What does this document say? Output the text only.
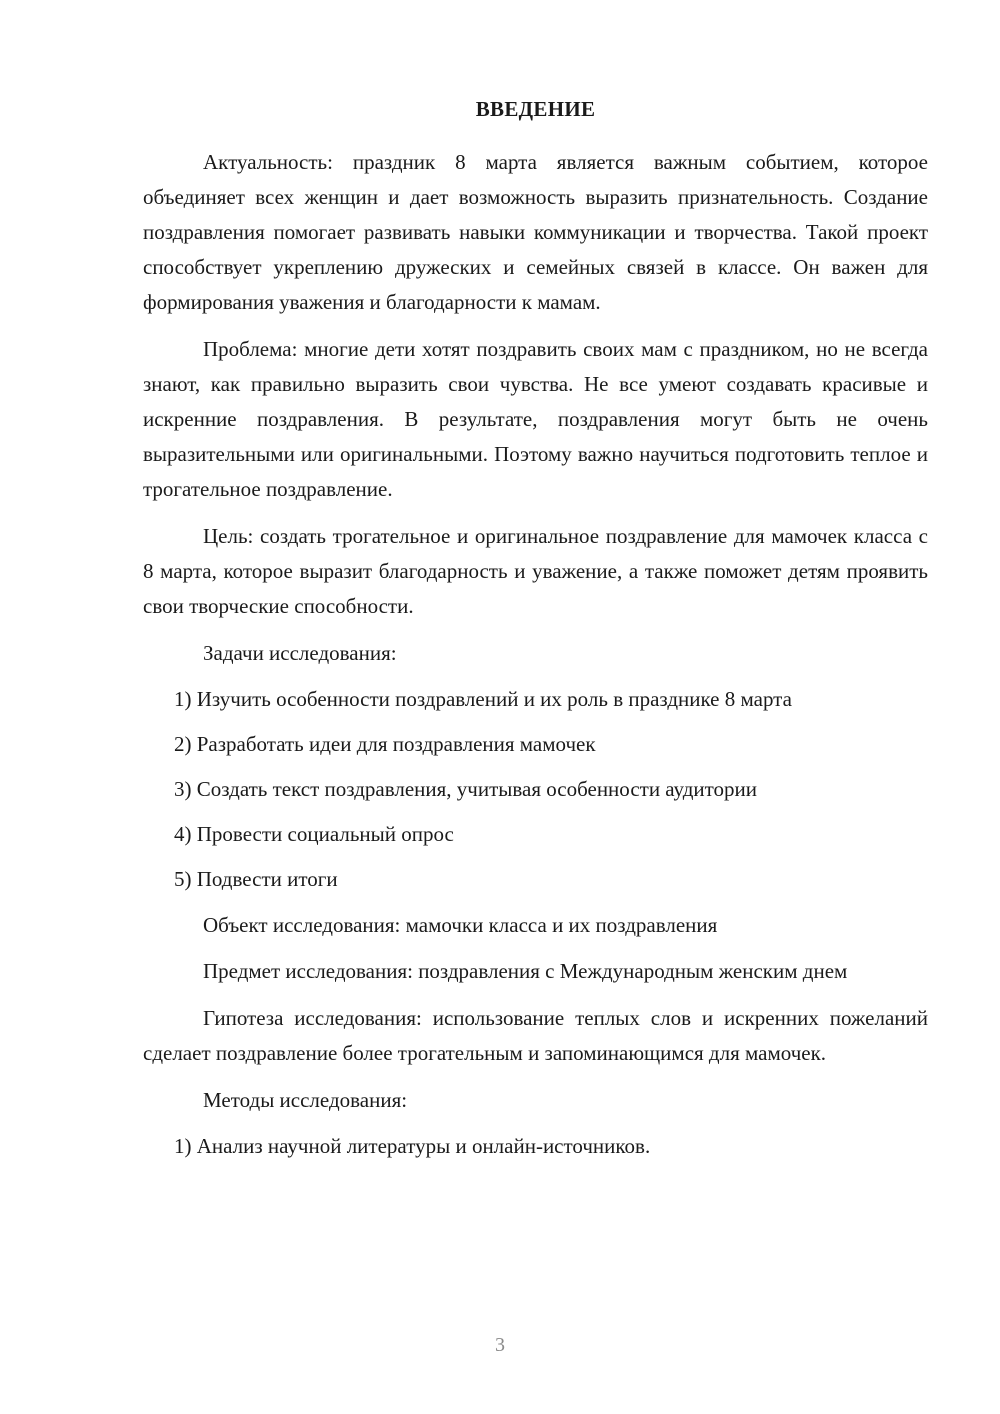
ВВЕДЕНИЕ

Актуальность: праздник 8 марта является важным событием, которое объединяет всех женщин и дает возможность выразить признательность. Создание поздравления помогает развивать навыки коммуникации и творчества. Такой проект способствует укреплению дружеских и семейных связей в классе. Он важен для формирования уважения и благодарности к мамам.

Проблема: многие дети хотят поздравить своих мам с праздником, но не всегда знают, как правильно выразить свои чувства. Не все умеют создавать красивые и искренние поздравления. В результате, поздравления могут быть не очень выразительными или оригинальными. Поэтому важно научиться подготовить теплое и трогательное поздравление.

Цель: создать трогательное и оригинальное поздравление для мамочек класса с 8 марта, которое выразит благодарность и уважение, а также поможет детям проявить свои творческие способности.

Задачи исследования:

1) Изучить особенности поздравлений и их роль в празднике 8 марта
2) Разработать идеи для поздравления мамочек
3) Создать текст поздравления, учитывая особенности аудитории
4) Провести социальный опрос
5) Подвести итоги

Объект исследования: мамочки класса и их поздравления

Предмет исследования: поздравления с Международным женским днем

Гипотеза исследования: использование теплых слов и искренних пожеланий сделает поздравление более трогательным и запоминающимся для мамочек.

Методы исследования:

1) Анализ научной литературы и онлайн-источников.
3
